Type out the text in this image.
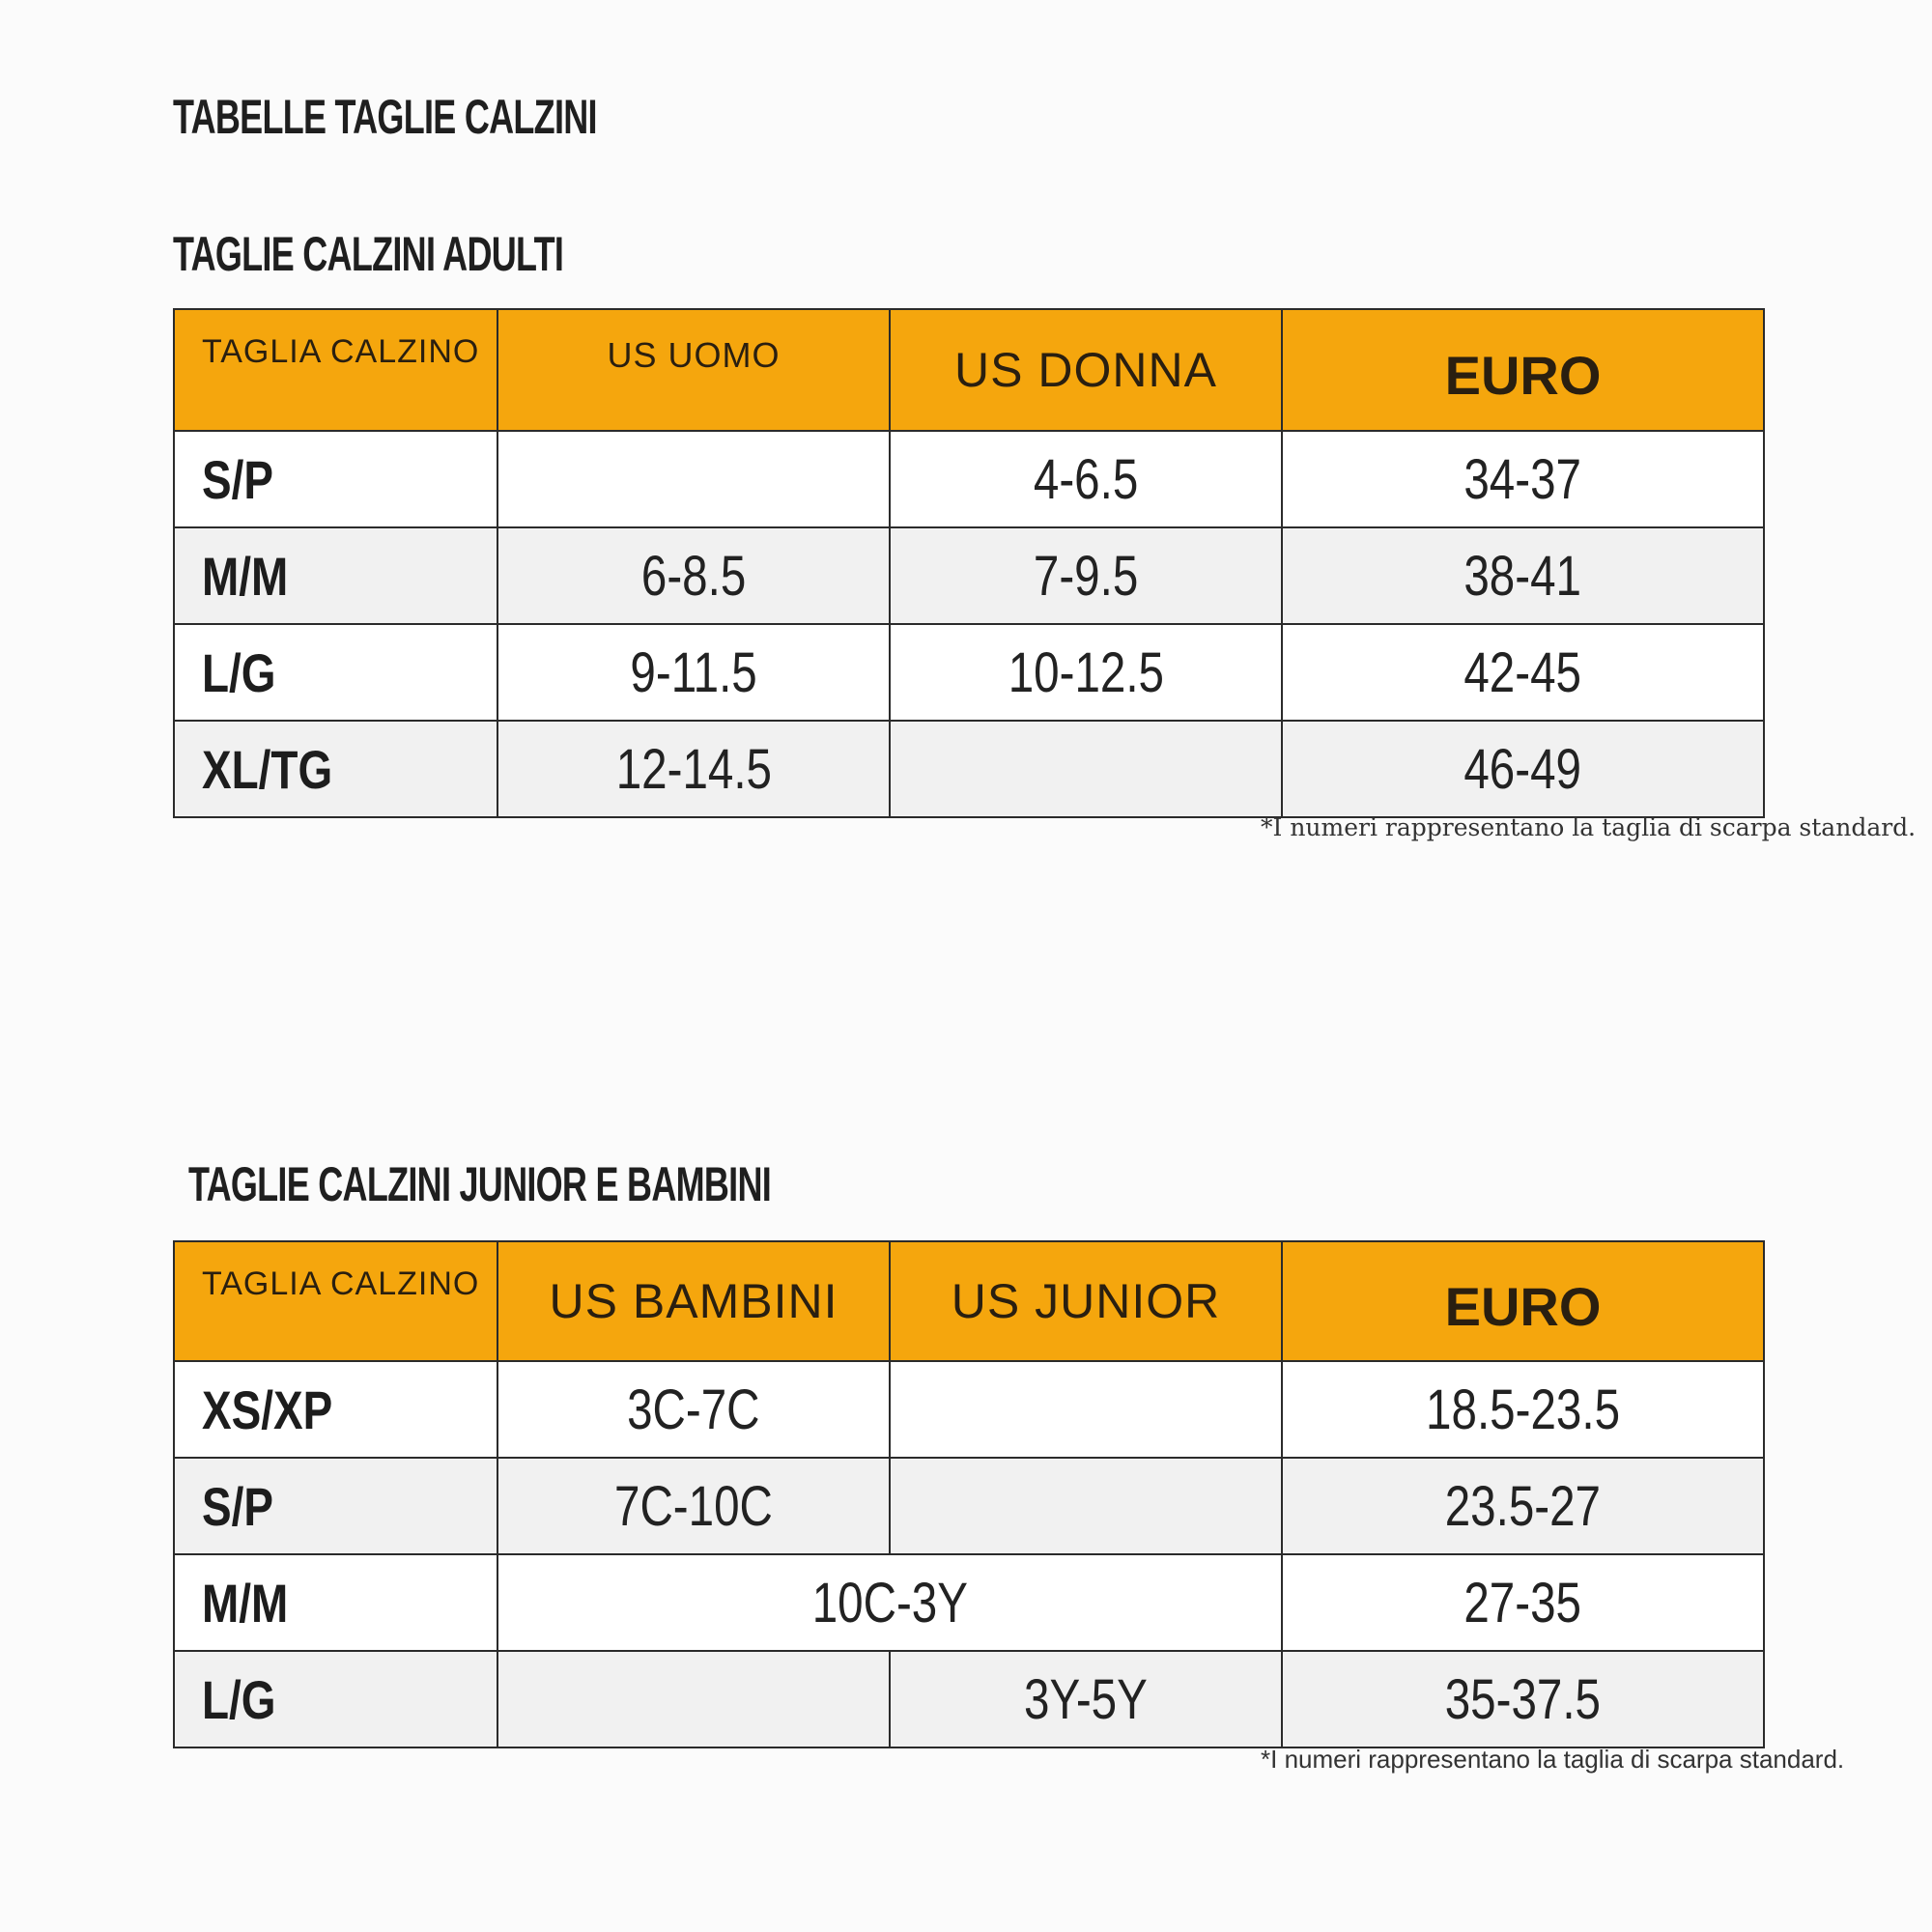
TABELLE TAGLIE CALZINI
TAGLIE CALZINI ADULTI
TAGLIA CALZINO	US UOMO	US DONNA	EURO
S/P		4-6.5	34-37
M/M	6-8.5	7-9.5	38-41
L/G	9-11.5	10-12.5	42-45
XL/TG	12-14.5		46-49

*I numeri rappresentano la taglia di scarpa standard.

TAGLIE CALZINI JUNIOR E BAMBINI
TAGLIA CALZINO	US BAMBINI	US JUNIOR	EURO
XS/XP	3C-7C		18.5-23.5
S/P	7C-10C		23.5-27
M/M	10C-3Y		27-35
L/G		3Y-5Y	35-37.5

*I numeri rappresentano la taglia di scarpa standard.
